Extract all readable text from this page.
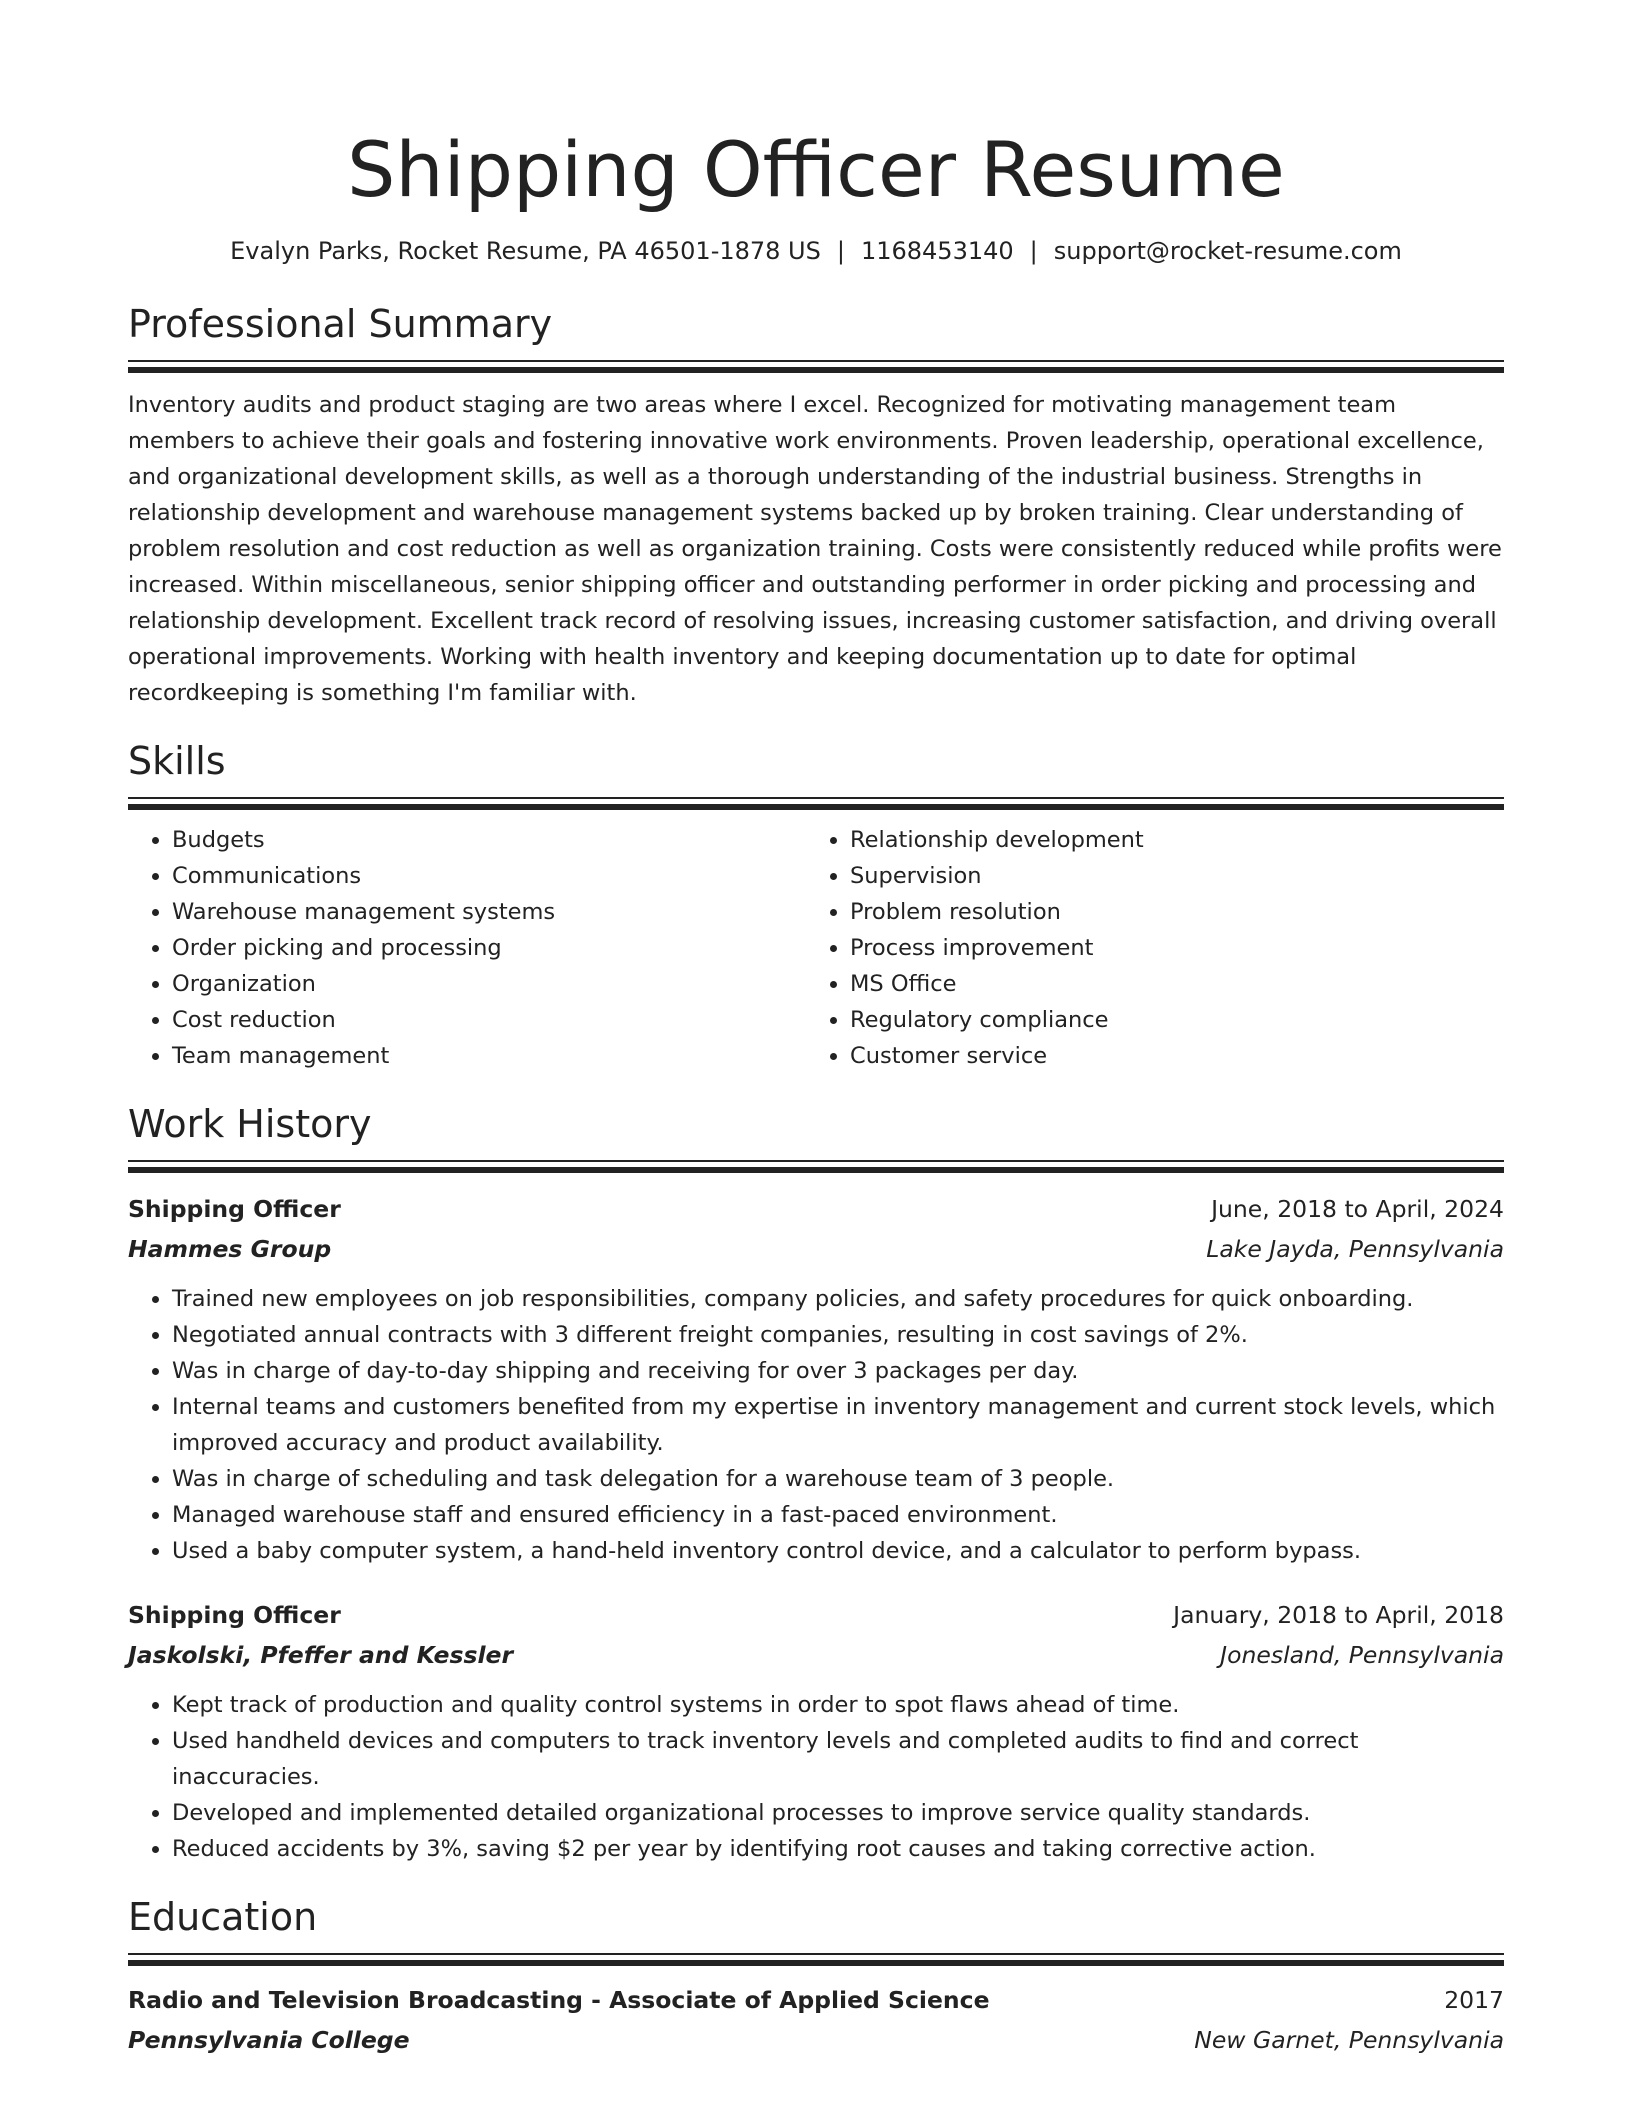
Shipping Officer Resume
Evalyn Parks, Rocket Resume, PA 46501-1878 US | 1168453140 | support@rocket-resume.com
Professional Summary
Inventory audits and product staging are two areas where I excel. Recognized for motivating management team members to achieve their goals and fostering innovative work environments. Proven leadership, operational excellence, and organizational development skills, as well as a thorough understanding of the industrial business. Strengths in relationship development and warehouse management systems backed up by broken training. Clear understanding of problem resolution and cost reduction as well as organization training. Costs were consistently reduced while profits were increased. Within miscellaneous, senior shipping officer and outstanding performer in order picking and processing and relationship development. Excellent track record of resolving issues, increasing customer satisfaction, and driving overall operational improvements. Working with health inventory and keeping documentation up to date for optimal recordkeeping is something I'm familiar with.
Skills
• Budgets
• Communications
• Warehouse management systems
• Order picking and processing
• Organization
• Cost reduction
• Team management
• Relationship development
• Supervision
• Problem resolution
• Process improvement
• MS Office
• Regulatory compliance
• Customer service
Work History
Shipping Officer	June, 2018 to April, 2024
Hammes Group	Lake Jayda, Pennsylvania
• Trained new employees on job responsibilities, company policies, and safety procedures for quick onboarding.
• Negotiated annual contracts with 3 different freight companies, resulting in cost savings of 2%.
• Was in charge of day-to-day shipping and receiving for over 3 packages per day.
• Internal teams and customers benefited from my expertise in inventory management and current stock levels, which improved accuracy and product availability.
• Was in charge of scheduling and task delegation for a warehouse team of 3 people.
• Managed warehouse staff and ensured efficiency in a fast-paced environment.
• Used a baby computer system, a hand-held inventory control device, and a calculator to perform bypass.
Shipping Officer	January, 2018 to April, 2018
Jaskolski, Pfeffer and Kessler	Jonesland, Pennsylvania
• Kept track of production and quality control systems in order to spot flaws ahead of time.
• Used handheld devices and computers to track inventory levels and completed audits to find and correct inaccuracies.
• Developed and implemented detailed organizational processes to improve service quality standards.
• Reduced accidents by 3%, saving $2 per year by identifying root causes and taking corrective action.
Education
Radio and Television Broadcasting - Associate of Applied Science	2017
Pennsylvania College	New Garnet, Pennsylvania
